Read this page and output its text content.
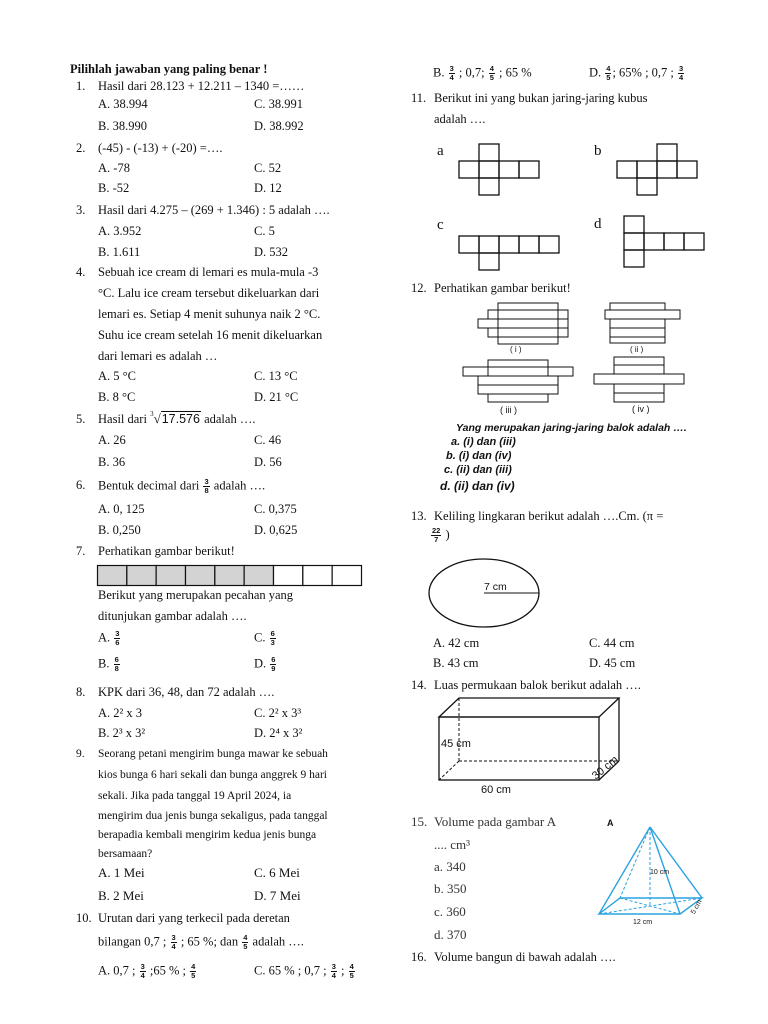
Pilihlah jawaban yang paling benar !
1. Hasil dari 28.123 + 12.211 – 1340 =……
A. 38.994	C. 38.991
B. 38.990	D. 38.992
2. (-45) - (-13) + (-20) =….
A. -78	C. 52
B. -52	D. 12
3. Hasil dari 4.275 – (269 + 1.346) : 5 adalah ….
A. 3.952	C. 5
B. 1.611	D. 532
4. Sebuah ice cream di lemari es mula-mula -3
°C. Lalu ice cream tersebut dikeluarkan dari
lemari es. Setiap 4 menit suhunya naik 2 °C.
Suhu ice cream setelah 16 menit dikeluarkan
dari lemari es adalah …
A. 5 °C	C. 13 °C
B. 8 °C	D. 21 °C
5. Hasil dari $^3$√17.576 adalah ….
A. 26	C. 46
B. 36	D. 56
6. Bentuk decimal dari $\frac{3}{8}$ adalah ….
A. 0, 125	C. 0,375
B. 0,250	D. 0,625
7. Perhatikan gambar berikut!
Berikut yang merupakan pecahan yang
ditunjukan gambar adalah ….
A. $\frac{3}{6}$	C. $\frac{6}{3}$
B. $\frac{6}{8}$	D. $\frac{6}{9}$
8. KPK dari 36, 48, dan 72 adalah ….
A. 2² x 3	C. 2² x 3³
B. 2³ x 3²	D. 2⁴ x 3²
9. Seorang petani mengirim bunga mawar ke sebuah
kios bunga 6 hari sekali dan bunga anggrek 9 hari
sekali. Jika pada tanggal 19 April 2024, ia
mengirim dua jenis bunga sekaligus, pada tanggal
berapadia kembali mengirim kedua jenis bunga
bersamaan?
A. 1 Mei	C. 6 Mei
B. 2 Mei	D. 7 Mei
10. Urutan dari yang terkecil pada deretan
bilangan 0,7 ; $\frac{3}{4}$ ; 65 %; dan $\frac{4}{5}$ adalah ….
A. 0,7 ; $\frac{3}{4}$ ;65 % ; $\frac{4}{5}$	C. 65 % ; 0,7 ; $\frac{3}{4}$ ; $\frac{4}{5}$
B. $\frac{3}{4}$ ; 0,7; $\frac{4}{5}$ ; 65 %	D. $\frac{4}{5}$ ; 65% ; 0,7 ; $\frac{3}{4}$
11. Berikut ini yang bukan jaring-jaring kubus
adalah ….
a	b
c	d
12. Perhatikan gambar berikut!
( i )	( ii )
( iii )	( iv )
Yang merupakan jaring-jaring balok adalah ….
a. (i) dan (iii)
b. (i) dan (iv)
c. (ii) dan (iii)
d. (ii) dan (iv)
13. Keliling lingkaran berikut adalah ….Cm. (π =
$\frac{22}{7}$ )
7 cm
A. 42 cm	C. 44 cm
B. 43 cm	D. 45 cm
14. Luas permukaan balok berikut adalah ….
45 cm
60 cm
30 cm
15. Volume pada gambar A
.... cm³
a. 340
b. 350
c. 360
d. 370
A
10 cm
12 cm
5 cm
16. Volume bangun di bawah adalah ….
